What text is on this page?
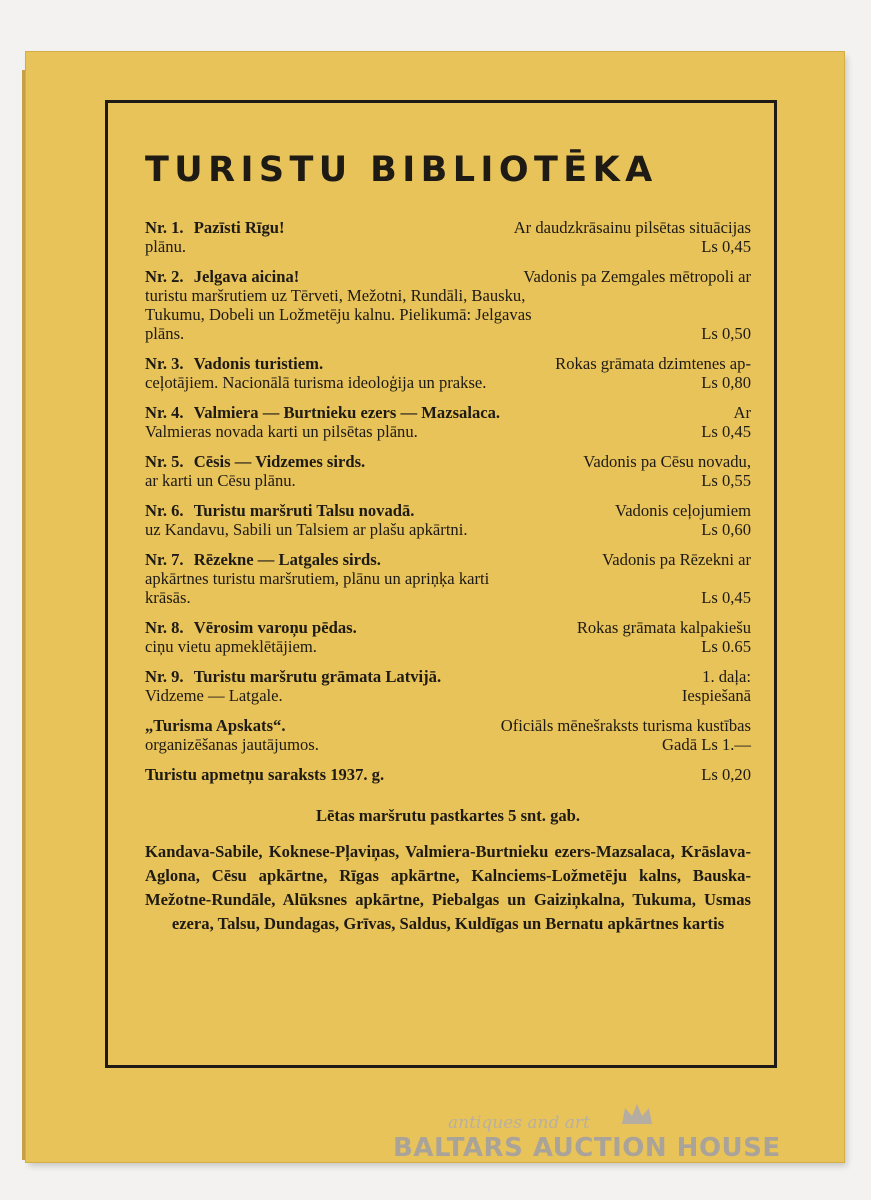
TURISTU BIBLIOTĒKA
Nr. 1. Pazīsti Rīgu!	Ar daudzkrāsainu pilsētas situācijas
plānu.	Ls 0,45
Nr. 2. Jelgava aicina!	Vadonis pa Zemgales mētropoli ar
turistu maršrutiem uz Tērveti, Mežotni, Rundāli, Bausku,
Tukumu, Dobeli un Ložmetēju kalnu. Pielikumā: Jelgavas
plāns.	Ls 0,50
Nr. 3. Vadonis turistiem.	Rokas grāmata dzimtenes ap-
ceļotājiem. Nacionālā turisma ideoloģija un prakse.	Ls 0,80
Nr. 4. Valmiera — Burtnieku ezers — Mazsalaca.	Ar
Valmieras novada karti un pilsētas plānu.	Ls 0,45
Nr. 5. Cēsis — Vidzemes sirds.	Vadonis pa Cēsu novadu,
ar karti un Cēsu plānu.	Ls 0,55
Nr. 6. Turistu maršruti Talsu novadā.	Vadonis ceļojumiem
uz Kandavu, Sabili un Talsiem ar plašu apkārtni.	Ls 0,60
Nr. 7. Rēzekne — Latgales sirds.	Vadonis pa Rēzekni ar
apkārtnes turistu maršrutiem, plānu un apriņķa karti
krāsās.	Ls 0,45
Nr. 8. Vērosim varoņu pēdas.	Rokas grāmata kalpakiešu
ciņu vietu apmeklētājiem.	Ls 0.65
Nr. 9. Turistu maršrutu grāmata Latvijā.	1. daļa:
Vidzeme — Latgale.	Iespiešanā
„Turisma Apskats“.	Oficiāls mēnešraksts turisma kustības
organizēšanas jautājumos.	Gadā Ls 1.—
Turistu apmetņu saraksts 1937. g.	Ls 0,20
Lētas maršrutu pastkartes 5 snt. gab.
Kandava-Sabile, Koknese-Pļaviņas, Valmiera-Burtnieku ezers-Mazsalaca, Krāslava-Aglona, Cēsu apkārtne, Rīgas apkārtne, Kalnciems-Ložmetēju kalns, Bauska-Mežotne-Rundāle, Alūksnes apkārtne, Piebalgas un Gaiziņkalna, Tukuma, Usmas ezera, Talsu, Dundagas, Grīvas, Saldus, Kuldīgas un Bernatu apkārtnes kartis
antiques and art
BALTARS AUCTION HOUSE
